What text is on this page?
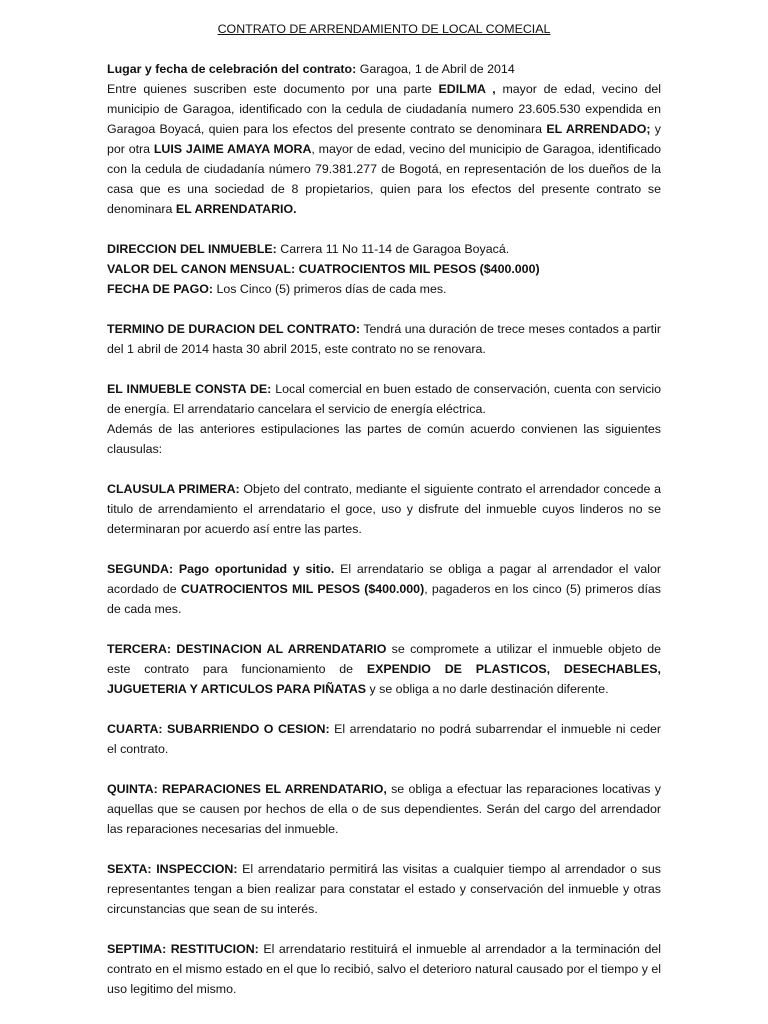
CONTRATO DE ARRENDAMIENTO DE LOCAL COMECIAL

Lugar y fecha de celebración del contrato: Garagoa, 1 de Abril de 2014

Entre quienes suscriben este documento por una parte EDILMA , mayor de edad, vecino del municipio de Garagoa, identificado con la cedula de ciudadanía numero 23.605.530 expendida en Garagoa Boyacá, quien para los efectos del presente contrato se denominara EL ARRENDADO; y por otra LUIS JAIME AMAYA MORA, mayor de edad, vecino del municipio de Garagoa, identificado con la cedula de ciudadanía número 79.381.277 de Bogotá, en representación de los dueños de la casa que es una sociedad de 8 propietarios, quien para los efectos del presente contrato se denominara EL ARRENDATARIO.

DIRECCION DEL INMUEBLE: Carrera 11 No 11-14 de Garagoa Boyacá.

VALOR DEL CANON MENSUAL: CUATROCIENTOS MIL PESOS ($400.000)

FECHA DE PAGO: Los Cinco (5) primeros días de cada mes.

TERMINO DE DURACION DEL CONTRATO: Tendrá una duración de trece meses contados a partir del 1 abril de 2014 hasta 30 abril 2015, este contrato no se renovara.

EL INMUEBLE CONSTA DE: Local comercial en buen estado de conservación, cuenta con servicio de energía. El arrendatario cancelara el servicio de energía eléctrica.

Además de las anteriores estipulaciones las partes de común acuerdo convienen las siguientes clausulas:

CLAUSULA PRIMERA: Objeto del contrato, mediante el siguiente contrato el arrendador concede a titulo de arrendamiento el arrendatario el goce, uso y disfrute del inmueble cuyos linderos no se determinaran por acuerdo así entre las partes.

SEGUNDA: Pago oportunidad y sitio. El arrendatario se obliga a pagar al arrendador el valor acordado de CUATROCIENTOS MIL PESOS ($400.000), pagaderos en los cinco (5) primeros días de cada mes.

TERCERA: DESTINACION AL ARRENDATARIO se compromete a utilizar el inmueble objeto de este contrato para funcionamiento de EXPENDIO DE PLASTICOS, DESECHABLES, JUGUETERIA Y ARTICULOS PARA PIÑATAS y se obliga a no darle destinación diferente.

CUARTA: SUBARRIENDO O CESION: El arrendatario no podrá subarrendar el inmueble ni ceder el contrato.

QUINTA: REPARACIONES EL ARRENDATARIO, se obliga a efectuar las reparaciones locativas y aquellas que se causen por hechos de ella o de sus dependientes. Serán del cargo del arrendador las reparaciones necesarias del inmueble.

SEXTA: INSPECCION: El arrendatario permitirá las visitas a cualquier tiempo al arrendador o sus representantes tengan a bien realizar para constatar el estado y conservación del inmueble y otras circunstancias que sean de su interés.

SEPTIMA: RESTITUCION: El arrendatario restituirá el inmueble al arrendador a la terminación del contrato en el mismo estado en el que lo recibió, salvo el deterioro natural causado por el tiempo y el uso legitimo del mismo.
